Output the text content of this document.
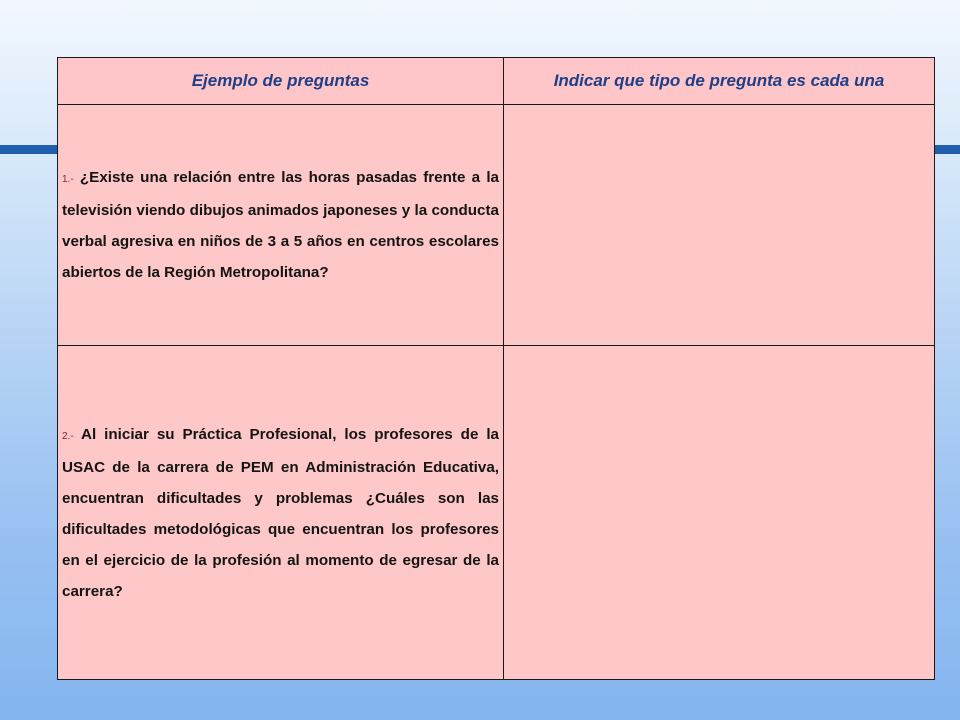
Ejemplo de preguntas	Indicar que tipo de pregunta es cada una

1.- ¿Existe una relación entre las horas pasadas frente a la televisión viendo dibujos animados japoneses y la conducta verbal agresiva en niños de 3 a 5 años en centros escolares abiertos de la Región Metropolitana?	

2.- Al iniciar su Práctica Profesional, los profesores de la USAC de la carrera de PEM en Administración Educativa, encuentran dificultades y problemas ¿Cuáles son las dificultades metodológicas que encuentran los profesores en el ejercicio de la profesión al momento de egresar de la carrera?	
